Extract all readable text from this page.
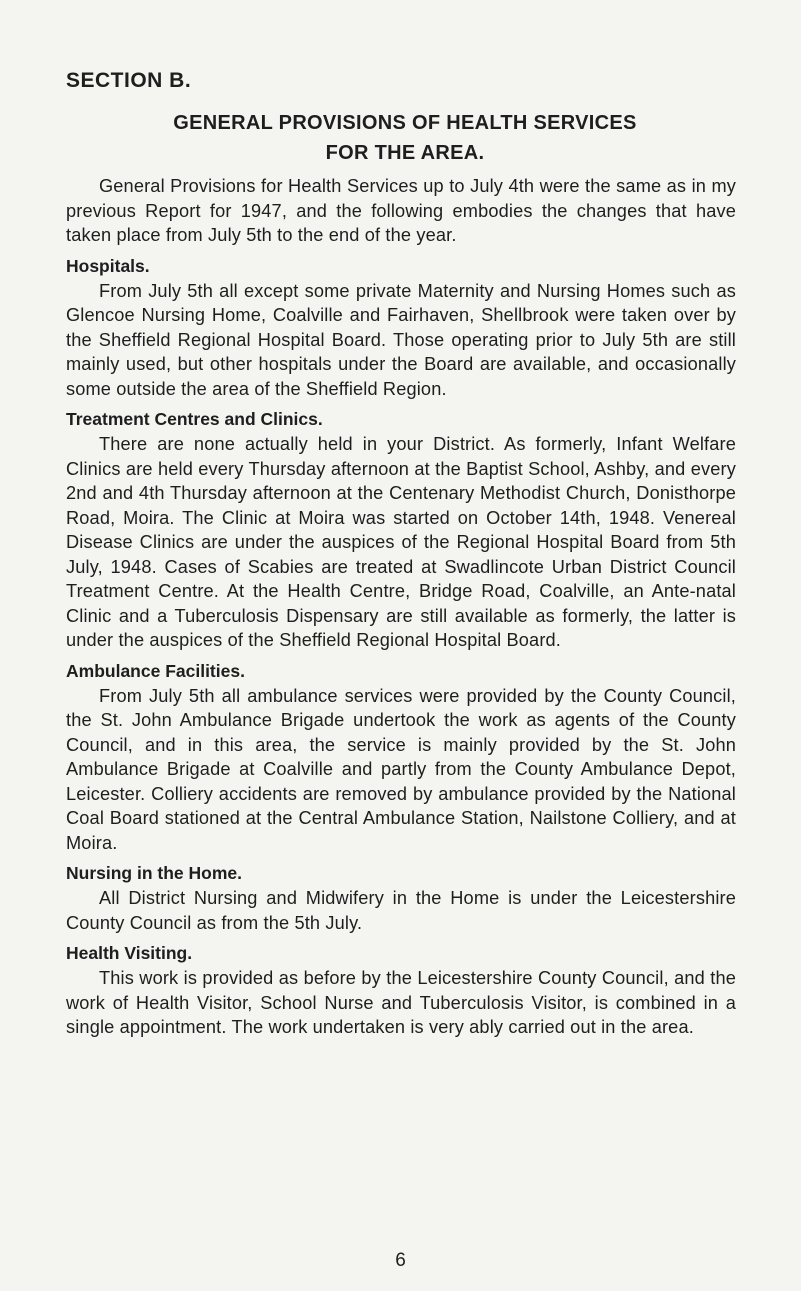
SECTION B.
GENERAL PROVISIONS OF HEALTH SERVICES
FOR THE AREA.

General Provisions for Health Services up to July 4th were the same as in my previous Report for 1947, and the following embodies the changes that have taken place from July 5th to the end of the year.

Hospitals.

From July 5th all except some private Maternity and Nursing Homes such as Glencoe Nursing Home, Coalville and Fairhaven, Shellbrook were taken over by the Sheffield Regional Hospital Board. Those operating prior to July 5th are still mainly used, but other hospitals under the Board are available, and occasionally some outside the area of the Sheffield Region.

Treatment Centres and Clinics.

There are none actually held in your District. As formerly, Infant Welfare Clinics are held every Thursday afternoon at the Baptist School, Ashby, and every 2nd and 4th Thursday afternoon at the Centenary Methodist Church, Donisthorpe Road, Moira. The Clinic at Moira was started on October 14th, 1948. Venereal Disease Clinics are under the auspices of the Regional Hospital Board from 5th July, 1948. Cases of Scabies are treated at Swadlincote Urban District Council Treatment Centre. At the Health Centre, Bridge Road, Coalville, an Ante-natal Clinic and a Tuberculosis Dispensary are still available as formerly, the latter is under the auspices of the Sheffield Regional Hospital Board.

Ambulance Facilities.

From July 5th all ambulance services were provided by the County Council, the St. John Ambulance Brigade undertook the work as agents of the County Council, and in this area, the service is mainly provided by the St. John Ambulance Brigade at Coalville and partly from the County Ambulance Depot, Leicester. Colliery accidents are removed by ambulance provided by the National Coal Board stationed at the Central Ambulance Station, Nailstone Colliery, and at Moira.

Nursing in the Home.

All District Nursing and Midwifery in the Home is under the Leicestershire County Council as from the 5th July.

Health Visiting.

This work is provided as before by the Leicestershire County Council, and the work of Health Visitor, School Nurse and Tuberculosis Visitor, is combined in a single appointment. The work undertaken is very ably carried out in the area.

6
